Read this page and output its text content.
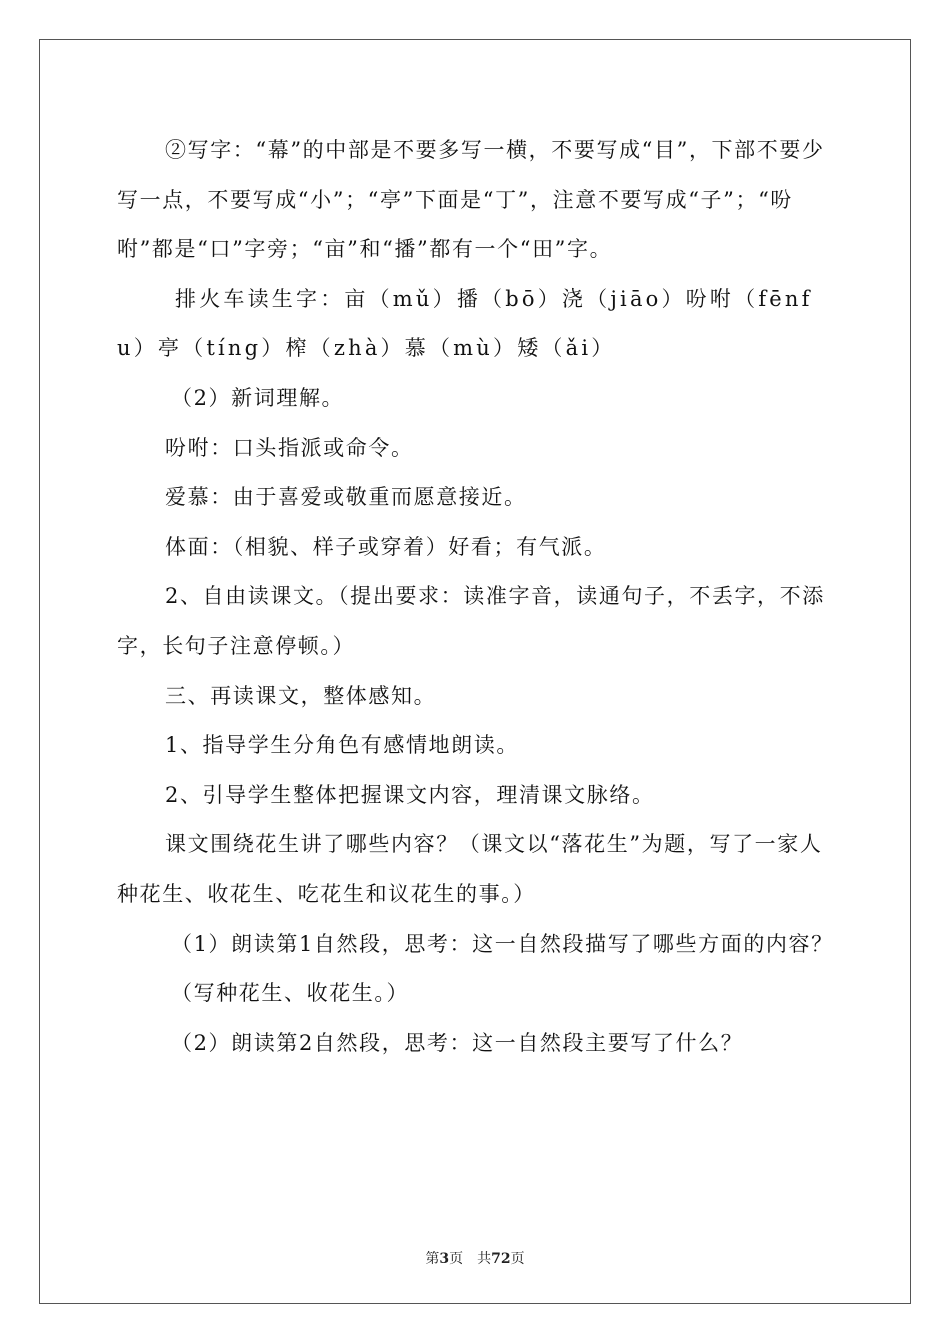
②写字：“幕”的中部是不要多写一横，不要写成“目”，下部不要少写一点，不要写成“小”；“亭”下面是“丁”，注意不要写成“子”；“吩咐”都是“口”字旁；“亩”和“播”都有一个“田”字。

排火车读生字：亩（mǔ）播（bō）浇（jiāo）吩咐（fēnfu）亭（tíng）榨（zhà）慕（mù）矮（ǎi）

（2）新词理解。

吩咐：口头指派或命令。

爱慕：由于喜爱或敬重而愿意接近。

体面：（相貌、样子或穿着）好看；有气派。

2、自由读课文。（提出要求：读准字音，读通句子，不丢字，不添字，长句子注意停顿。）

三、再读课文，整体感知。

1、指导学生分角色有感情地朗读。

2、引导学生整体把握课文内容，理清课文脉络。

课文围绕花生讲了哪些内容？（课文以“落花生”为题，写了一家人种花生、收花生、吃花生和议花生的事。）

（1）朗读第1自然段，思考：这一自然段描写了哪些方面的内容？

（写种花生、收花生。）

（2）朗读第2自然段，思考：这一自然段主要写了什么？

第3页 共72页
